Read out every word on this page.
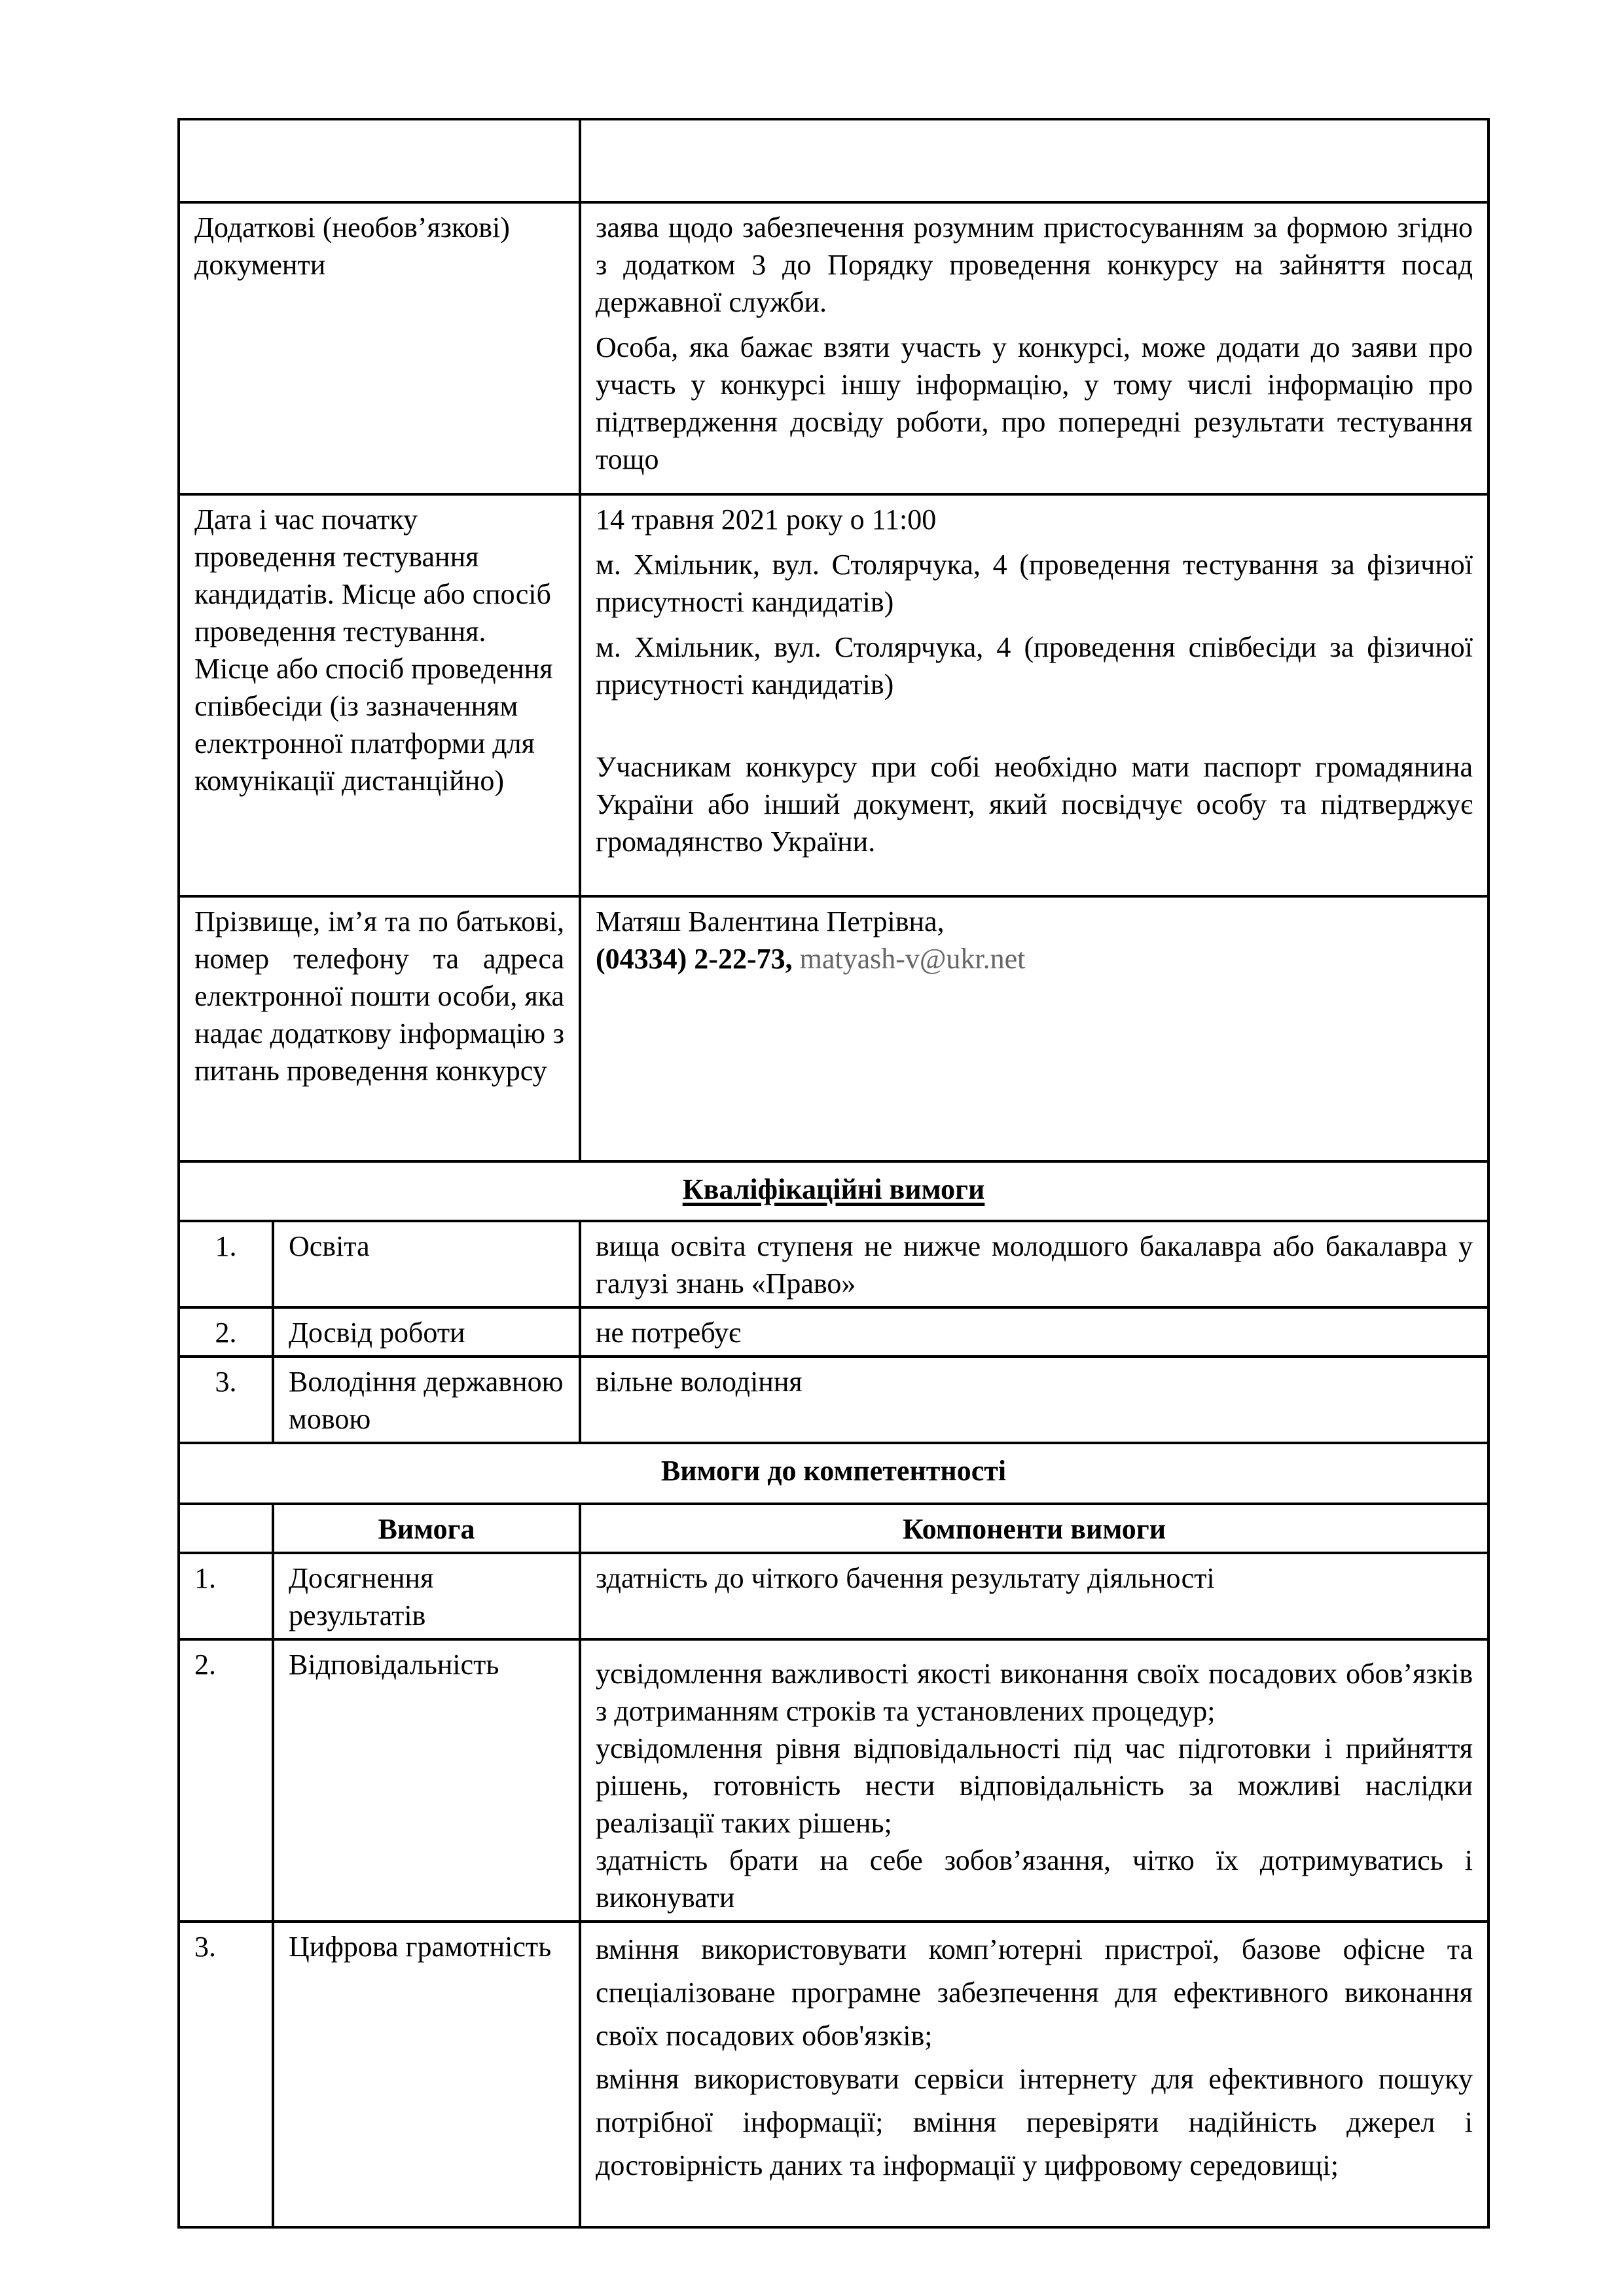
Додаткові (необов’язкові) документи		заява щодо забезпечення розумним пристосуванням за формою згідно з додатком 3 до Порядку проведення конкурсу на зайняття посад державної служби.

Особа, яка бажає взяти участь у конкурсі, може додати до заяви про участь у конкурсі іншу інформацію, у тому числі інформацію про підтвердження досвіду роботи, про попередні результати тестування тощо

Дата і час початку проведення тестування кандидатів. Місце або спосіб проведення тестування. Місце або спосіб проведення співбесіди (із зазначенням електронної платформи для комунікації дистанційно)		14 травня 2021 року о 11:00

м. Хмільник, вул. Столярчука, 4 (проведення тестування за фізичної присутності кандидатів)

м. Хмільник, вул. Столярчука, 4 (проведення співбесіди за фізичної присутності кандидатів)

Учасникам конкурсу при собі необхідно мати паспорт громадянина України або інший документ, який посвідчує особу та підтверджує громадянство України.

Прізвище, ім’я та по батькові, номер телефону та адреса електронної пошти особи, яка надає додаткову інформацію з питань проведення конкурсу		Матяш Валентина Петрівна,
(04334) 2-22-73, matyash-v@ukr.net

Кваліфікаційні вимоги		
1.	Освіта	вища освіта ступеня не нижче молодшого бакалавра або бакалавра у галузі знань «Право»
2.	Досвід роботи	не потребує
3.	Володіння державною мовою	вільне володіння
Вимоги до компетентності		
	Вимога	Компоненти вимоги
1.	Досягнення результатів	здатність до чіткого бачення результату діяльності

2.	Відповідальність	усвідомлення важливості якості виконання своїх посадових обов’язків з дотриманням строків та установлених процедур;
усвідомлення рівня відповідальності під час підготовки і прийняття рішень, готовність нести відповідальність за можливі наслідки реалізації таких рішень;
здатність брати на себе зобов’язання, чітко їх дотримуватись і виконувати

3.	Цифрова грамотність	вміння використовувати комп’ютерні пристрої, базове офісне та спеціалізоване програмне забезпечення для ефективного виконання своїх посадових обов'язків;
вміння використовувати сервіси інтернету для ефективного пошуку потрібної інформації; вміння перевіряти надійність джерел і достовірність даних та інформації у цифровому середовищі;
